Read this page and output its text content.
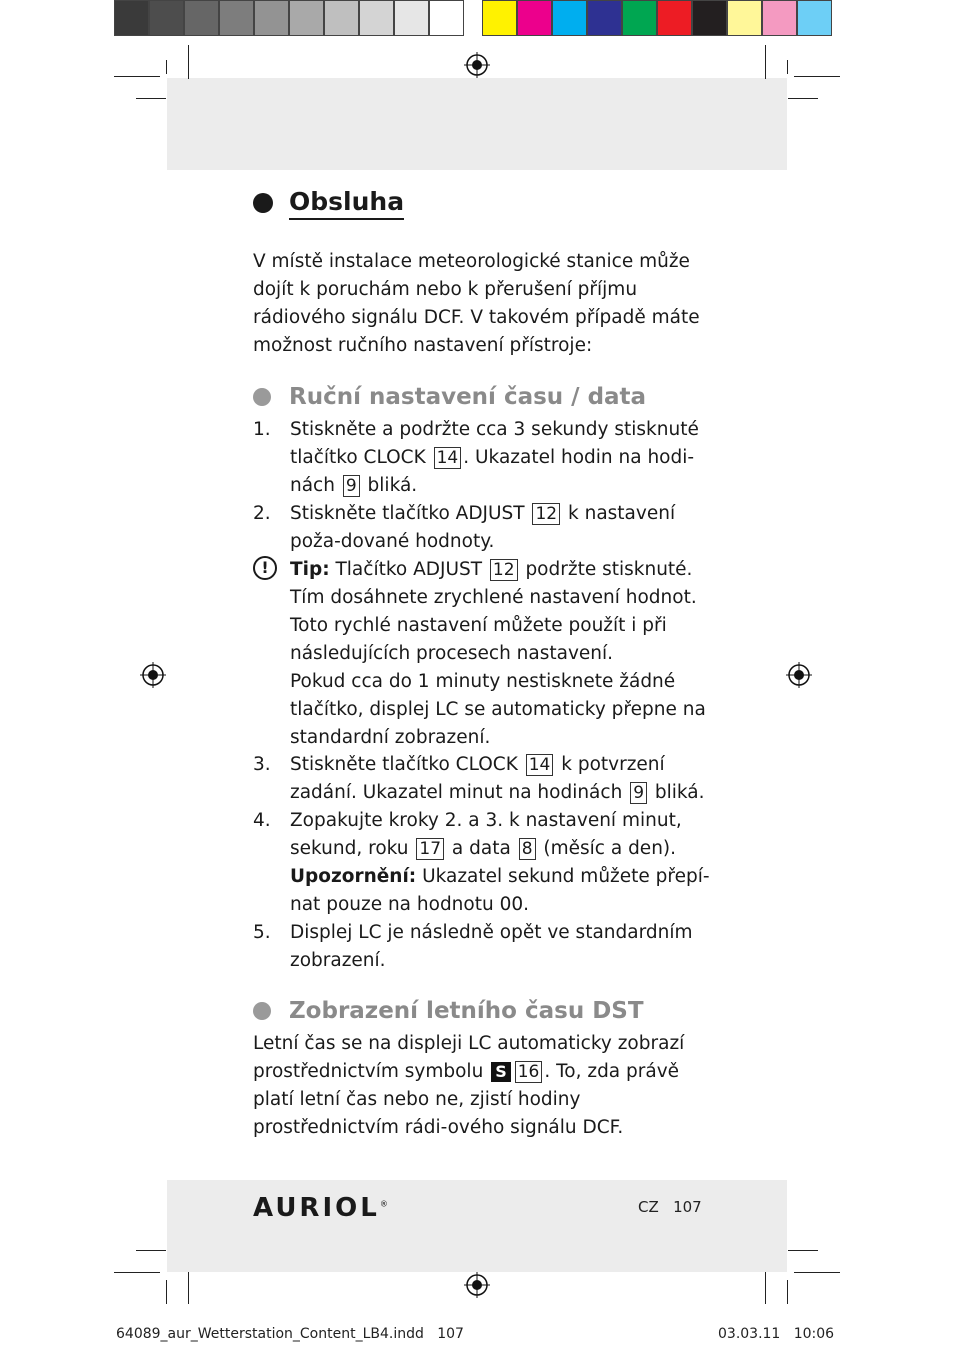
Obsluha
V místě instalace meteorologické stanice může dojít k poruchám nebo k přerušení příjmu rádiového signálu DCF. V takovém případě máte možnost ručního nastavení přístroje:
Ruční nastavení času / data
1.	Stiskněte a podržte cca 3 sekundy stisknuté tlačítko CLOCK 14 . Ukazatel hodin na hodi-nách 9 bliká.
2.	Stiskněte tlačítko ADJUST 12 k nastavení poža-dované hodnoty.
!	Tip: Tlačítko ADJUST 12 podržte stisknuté. Tím dosáhnete zrychlené nastavení hodnot. Toto rychlé nastavení můžete použít i při následujících procesech nastavení.
Pokud cca do 1 minuty nestisknete žádné tlačítko, displej LC se automaticky přepne na standardní zobrazení.
3.	Stiskněte tlačítko CLOCK 14 k potvrzení zadání. Ukazatel minut na hodinách 9 bliká.
4.	Zopakujte kroky 2. a 3. k nastavení minut, sekund, roku 17 a data 8 (měsíc a den).
Upozornění: Ukazatel sekund můžete přepí-nat pouze na hodnotu 00.
5.	Displej LC je následně opět ve standardním zobrazení.
Zobrazení letního času DST
Letní čas se na displeji LC automaticky zobrazí prostřednictvím symbolu S 16 . To, zda právě platí letní čas nebo ne, zjistí hodiny prostřednictvím rádi-ového signálu DCF.
AURIOL®	CZ 107
64089_aur_Wetterstation_Content_LB4.indd   107	03.03.11   10:06
